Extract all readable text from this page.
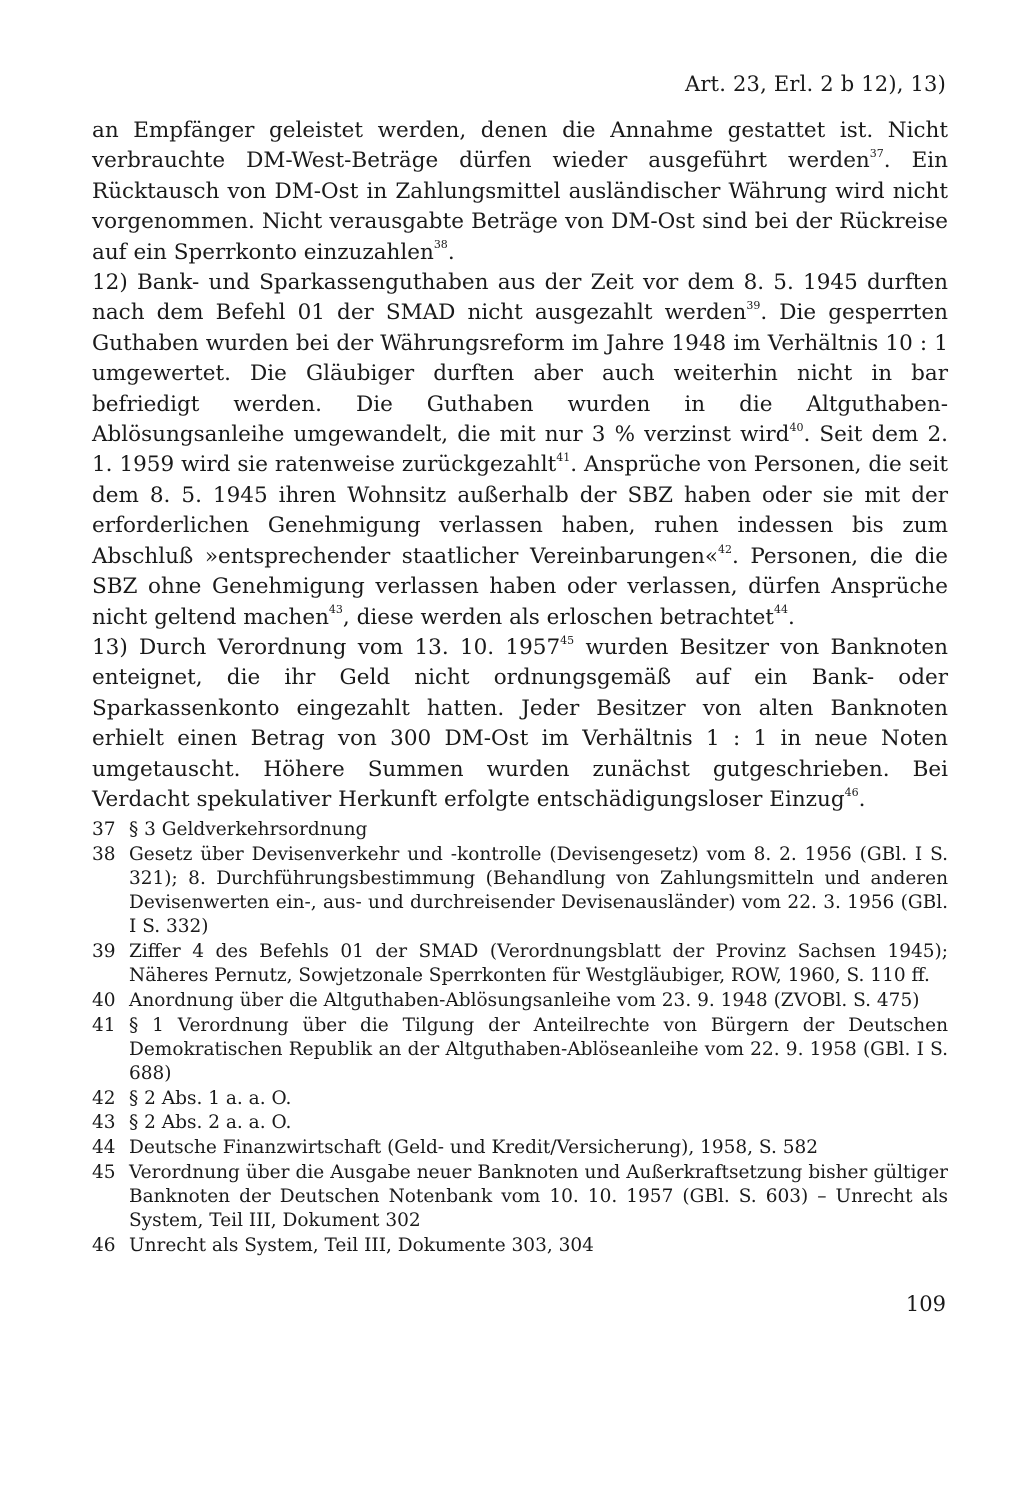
Art. 23, Erl. 2 b 12), 13)

an Empfänger geleistet werden, denen die Annahme gestattet ist. Nicht verbrauchte DM-West-Beträge dürfen wieder ausgeführt werden$^{37}$. Ein Rücktausch von DM-Ost in Zahlungsmittel ausländischer Währung wird nicht vorgenommen. Nicht verausgabte Beträge von DM-Ost sind bei der Rückreise auf ein Sperrkonto einzuzahlen$^{38}$.

12) Bank- und Sparkassenguthaben aus der Zeit vor dem 8. 5. 1945 durften nach dem Befehl 01 der SMAD nicht ausgezahlt werden$^{39}$. Die gesperrten Guthaben wurden bei der Währungsreform im Jahre 1948 im Verhältnis 10 : 1 umgewertet. Die Gläubiger durften aber auch weiterhin nicht in bar befriedigt werden. Die Guthaben wurden in die Altguthaben-Ablösungsanleihe umgewandelt, die mit nur 3 % verzinst wird$^{40}$. Seit dem 2. 1. 1959 wird sie ratenweise zurückgezahlt$^{41}$. Ansprüche von Personen, die seit dem 8. 5. 1945 ihren Wohnsitz außerhalb der SBZ haben oder sie mit der erforderlichen Genehmigung verlassen haben, ruhen indessen bis zum Abschluß »entsprechender staatlicher Vereinbarungen«$^{42}$. Personen, die die SBZ ohne Genehmigung verlassen haben oder verlassen, dürfen Ansprüche nicht geltend machen$^{43}$, diese werden als erloschen betrachtet$^{44}$.

13) Durch Verordnung vom 13. 10. 1957$^{45}$ wurden Besitzer von Banknoten enteignet, die ihr Geld nicht ordnungsgemäß auf ein Bank- oder Sparkassenkonto eingezahlt hatten. Jeder Besitzer von alten Banknoten erhielt einen Betrag von 300 DM-Ost im Verhältnis 1 : 1 in neue Noten umgetauscht. Höhere Summen wurden zunächst gutgeschrieben. Bei Verdacht spekulativer Herkunft erfolgte entschädigungsloser Einzug$^{46}$.

37 § 3 Geldverkehrsordnung
38 Gesetz über Devisenverkehr und -kontrolle (Devisengesetz) vom 8. 2. 1956 (GBl. I S. 321); 8. Durchführungsbestimmung (Behandlung von Zahlungsmitteln und anderen Devisenwerten ein-, aus- und durchreisender Devisenausländer) vom 22. 3. 1956 (GBl. I S. 332)
39 Ziffer 4 des Befehls 01 der SMAD (Verordnungsblatt der Provinz Sachsen 1945); Näheres Pernutz, Sowjetzonale Sperrkonten für Westgläubiger, ROW, 1960, S. 110 ff.
40 Anordnung über die Altguthaben-Ablösungsanleihe vom 23. 9. 1948 (ZVOBl. S. 475)
41 § 1 Verordnung über die Tilgung der Anteilrechte von Bürgern der Deutschen Demokratischen Republik an der Altguthaben-Ablöseanleihe vom 22. 9. 1958 (GBl. I S. 688)
42 § 2 Abs. 1 a. a. O.
43 § 2 Abs. 2 a. a. O.
44 Deutsche Finanzwirtschaft (Geld- und Kredit/Versicherung), 1958, S. 582
45 Verordnung über die Ausgabe neuer Banknoten und Außerkraftsetzung bisher gültiger Banknoten der Deutschen Notenbank vom 10. 10. 1957 (GBl. S. 603) – Unrecht als System, Teil III, Dokument 302
46 Unrecht als System, Teil III, Dokumente 303, 304
109
